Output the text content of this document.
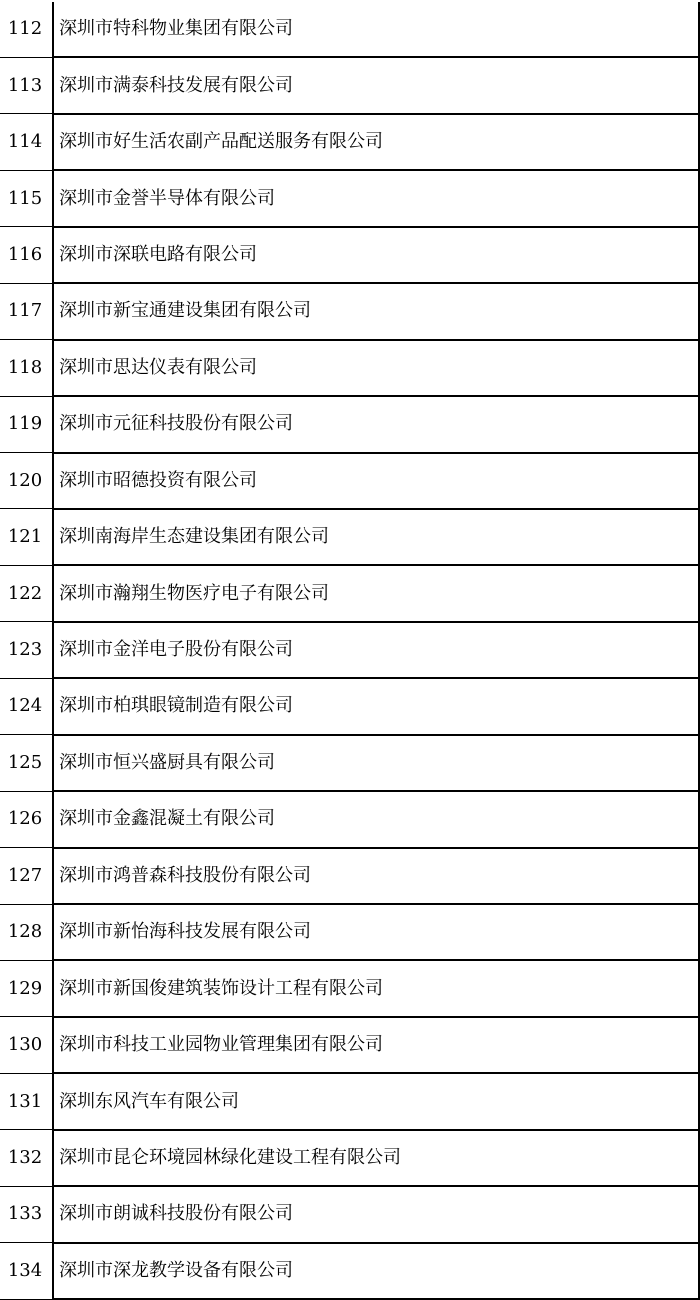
112	深圳市特科物业集团有限公司
113	深圳市满泰科技发展有限公司
114	深圳市好生活农副产品配送服务有限公司
115	深圳市金誉半导体有限公司
116	深圳市深联电路有限公司
117	深圳市新宝通建设集团有限公司
118	深圳市思达仪表有限公司
119	深圳市元征科技股份有限公司
120	深圳市昭德投资有限公司
121	深圳南海岸生态建设集团有限公司
122	深圳市瀚翔生物医疗电子有限公司
123	深圳市金洋电子股份有限公司
124	深圳市柏琪眼镜制造有限公司
125	深圳市恒兴盛厨具有限公司
126	深圳市金鑫混凝土有限公司
127	深圳市鸿普森科技股份有限公司
128	深圳市新怡海科技发展有限公司
129	深圳市新国俊建筑装饰设计工程有限公司
130	深圳市科技工业园物业管理集团有限公司
131	深圳东风汽车有限公司
132	深圳市昆仑环境园林绿化建设工程有限公司
133	深圳市朗诚科技股份有限公司
134	深圳市深龙教学设备有限公司
